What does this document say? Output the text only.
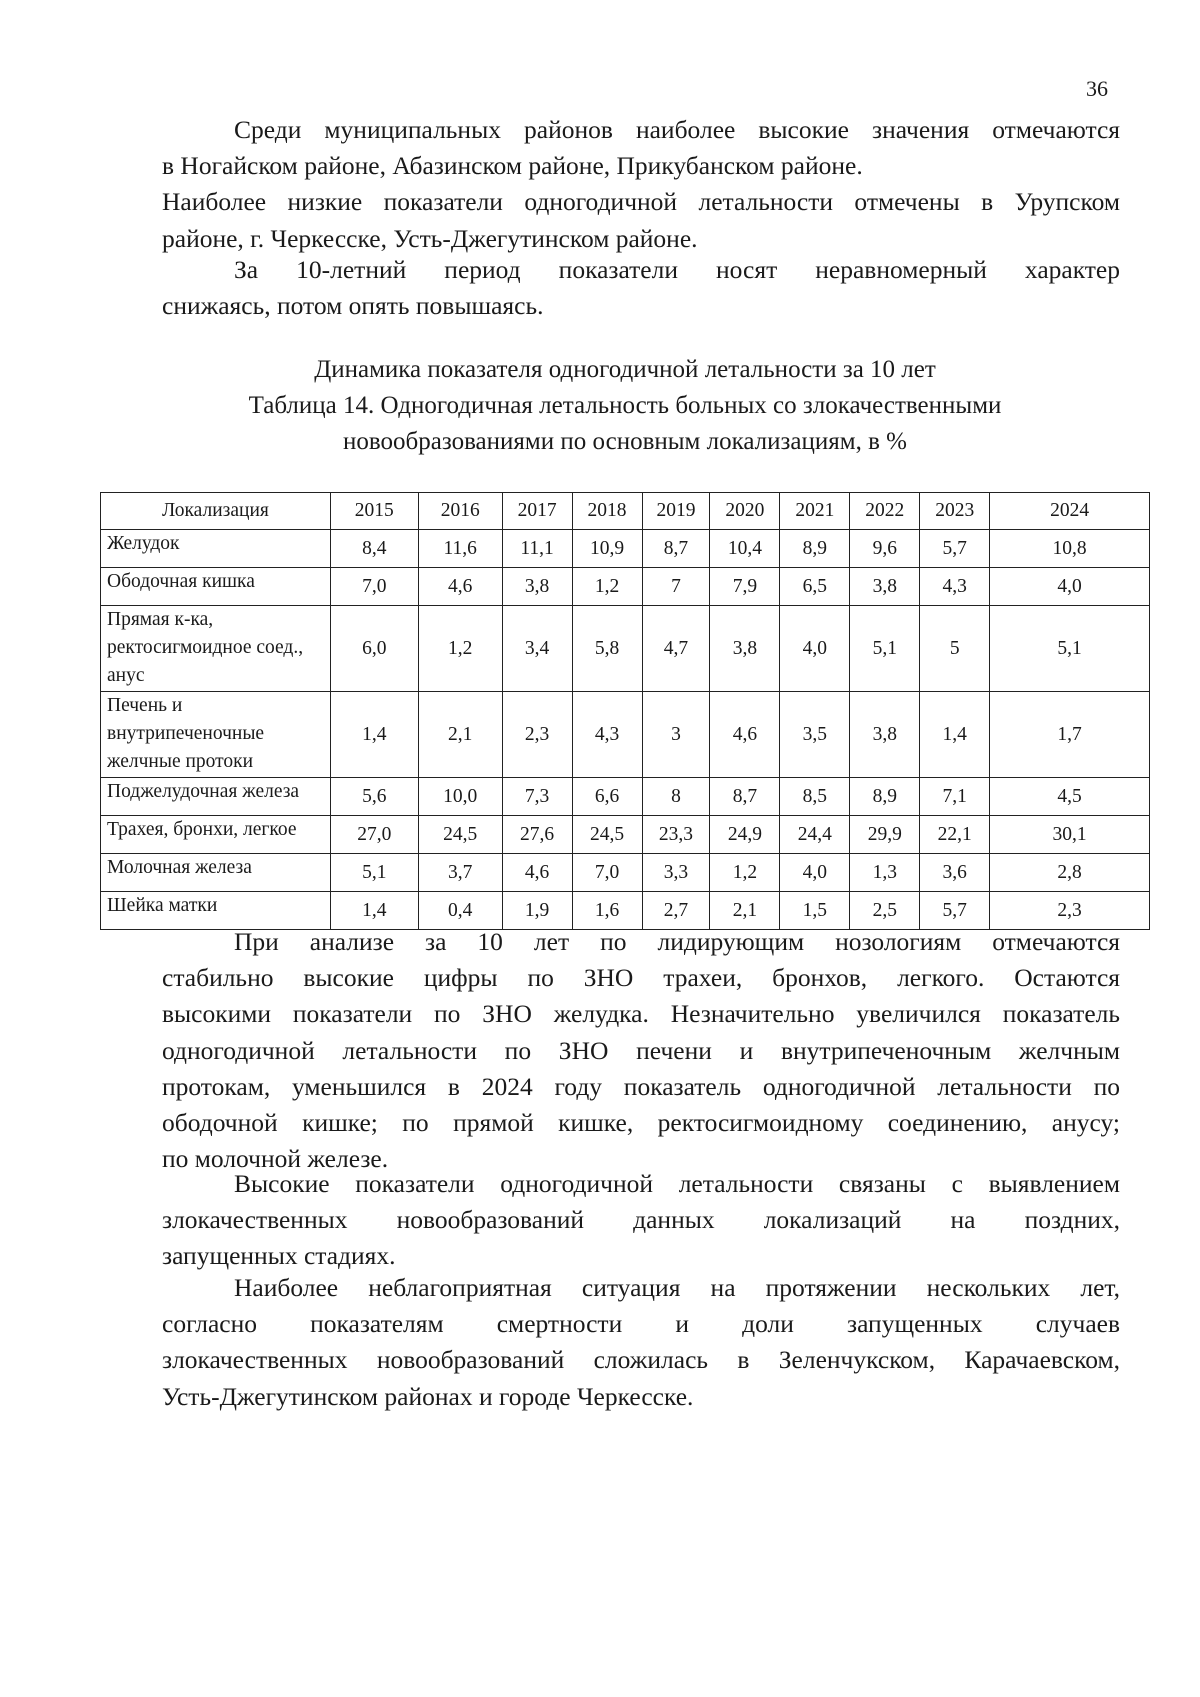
36
Среди муниципальных районов наиболее высокие значения отмечаются
в Ногайском районе, Абазинском районе, Прикубанском районе.
Наиболее низкие показатели одногодичной летальности отмечены в Урупском
районе, г. Черкесске, Усть-Джегутинском районе.
За 10-летний период показатели носят неравномерный характер
снижаясь, потом опять повышаясь.
Динамика показателя одногодичной летальности за 10 лет
Таблица 14. Одногодичная летальность больных со злокачественными
новообразованиями по основным локализациям, в %
Локализация	2015	2016	2017	2018	2019	2020	2021	2022	2023	2024

Желудок	8,4	11,6	11,1	10,9	8,7	10,4	8,9	9,6	5,7	10,8

Ободочная кишка	7,0	4,6	3,8	1,2	7	7,9	6,5	3,8	4,3	4,0

Прямая к-ка,
ректосигмоидное соед.,
анус	6,0	1,2	3,4	5,8	4,7	3,8	4,0	5,1	5	5,1

Печень и
внутрипеченочные
желчные протоки	1,4	2,1	2,3	4,3	3	4,6	3,5	3,8	1,4	1,7

Поджелудочная железа	5,6	10,0	7,3	6,6	8	8,7	8,5	8,9	7,1	4,5

Трахея, бронхи, легкое	27,0	24,5	27,6	24,5	23,3	24,9	24,4	29,9	22,1	30,1

Молочная железа	5,1	3,7	4,6	7,0	3,3	1,2	4,0	1,3	3,6	2,8

Шейка матки	1,4	0,4	1,9	1,6	2,7	2,1	1,5	2,5	5,7	2,3
При анализе за 10 лет по лидирующим нозологиям отмечаются
стабильно высокие цифры по ЗНО трахеи, бронхов, легкого. Остаются
высокими показатели по ЗНО желудка. Незначительно увеличился показатель
одногодичной летальности по ЗНО печени и внутрипеченочным желчным
протокам, уменьшился в 2024 году показатель одногодичной летальности по
ободочной кишке; по прямой кишке, ректосигмоидному соединению, анусу;
по молочной железе.
Высокие показатели одногодичной летальности связаны с выявлением
злокачественных новообразований данных локализаций на поздних,
запущенных стадиях.
Наиболее неблагоприятная ситуация на протяжении нескольких лет,
согласно показателям смертности и доли запущенных случаев
злокачественных новообразований сложилась в Зеленчукском, Карачаевском,
Усть-Джегутинском районах и городе Черкесске.
